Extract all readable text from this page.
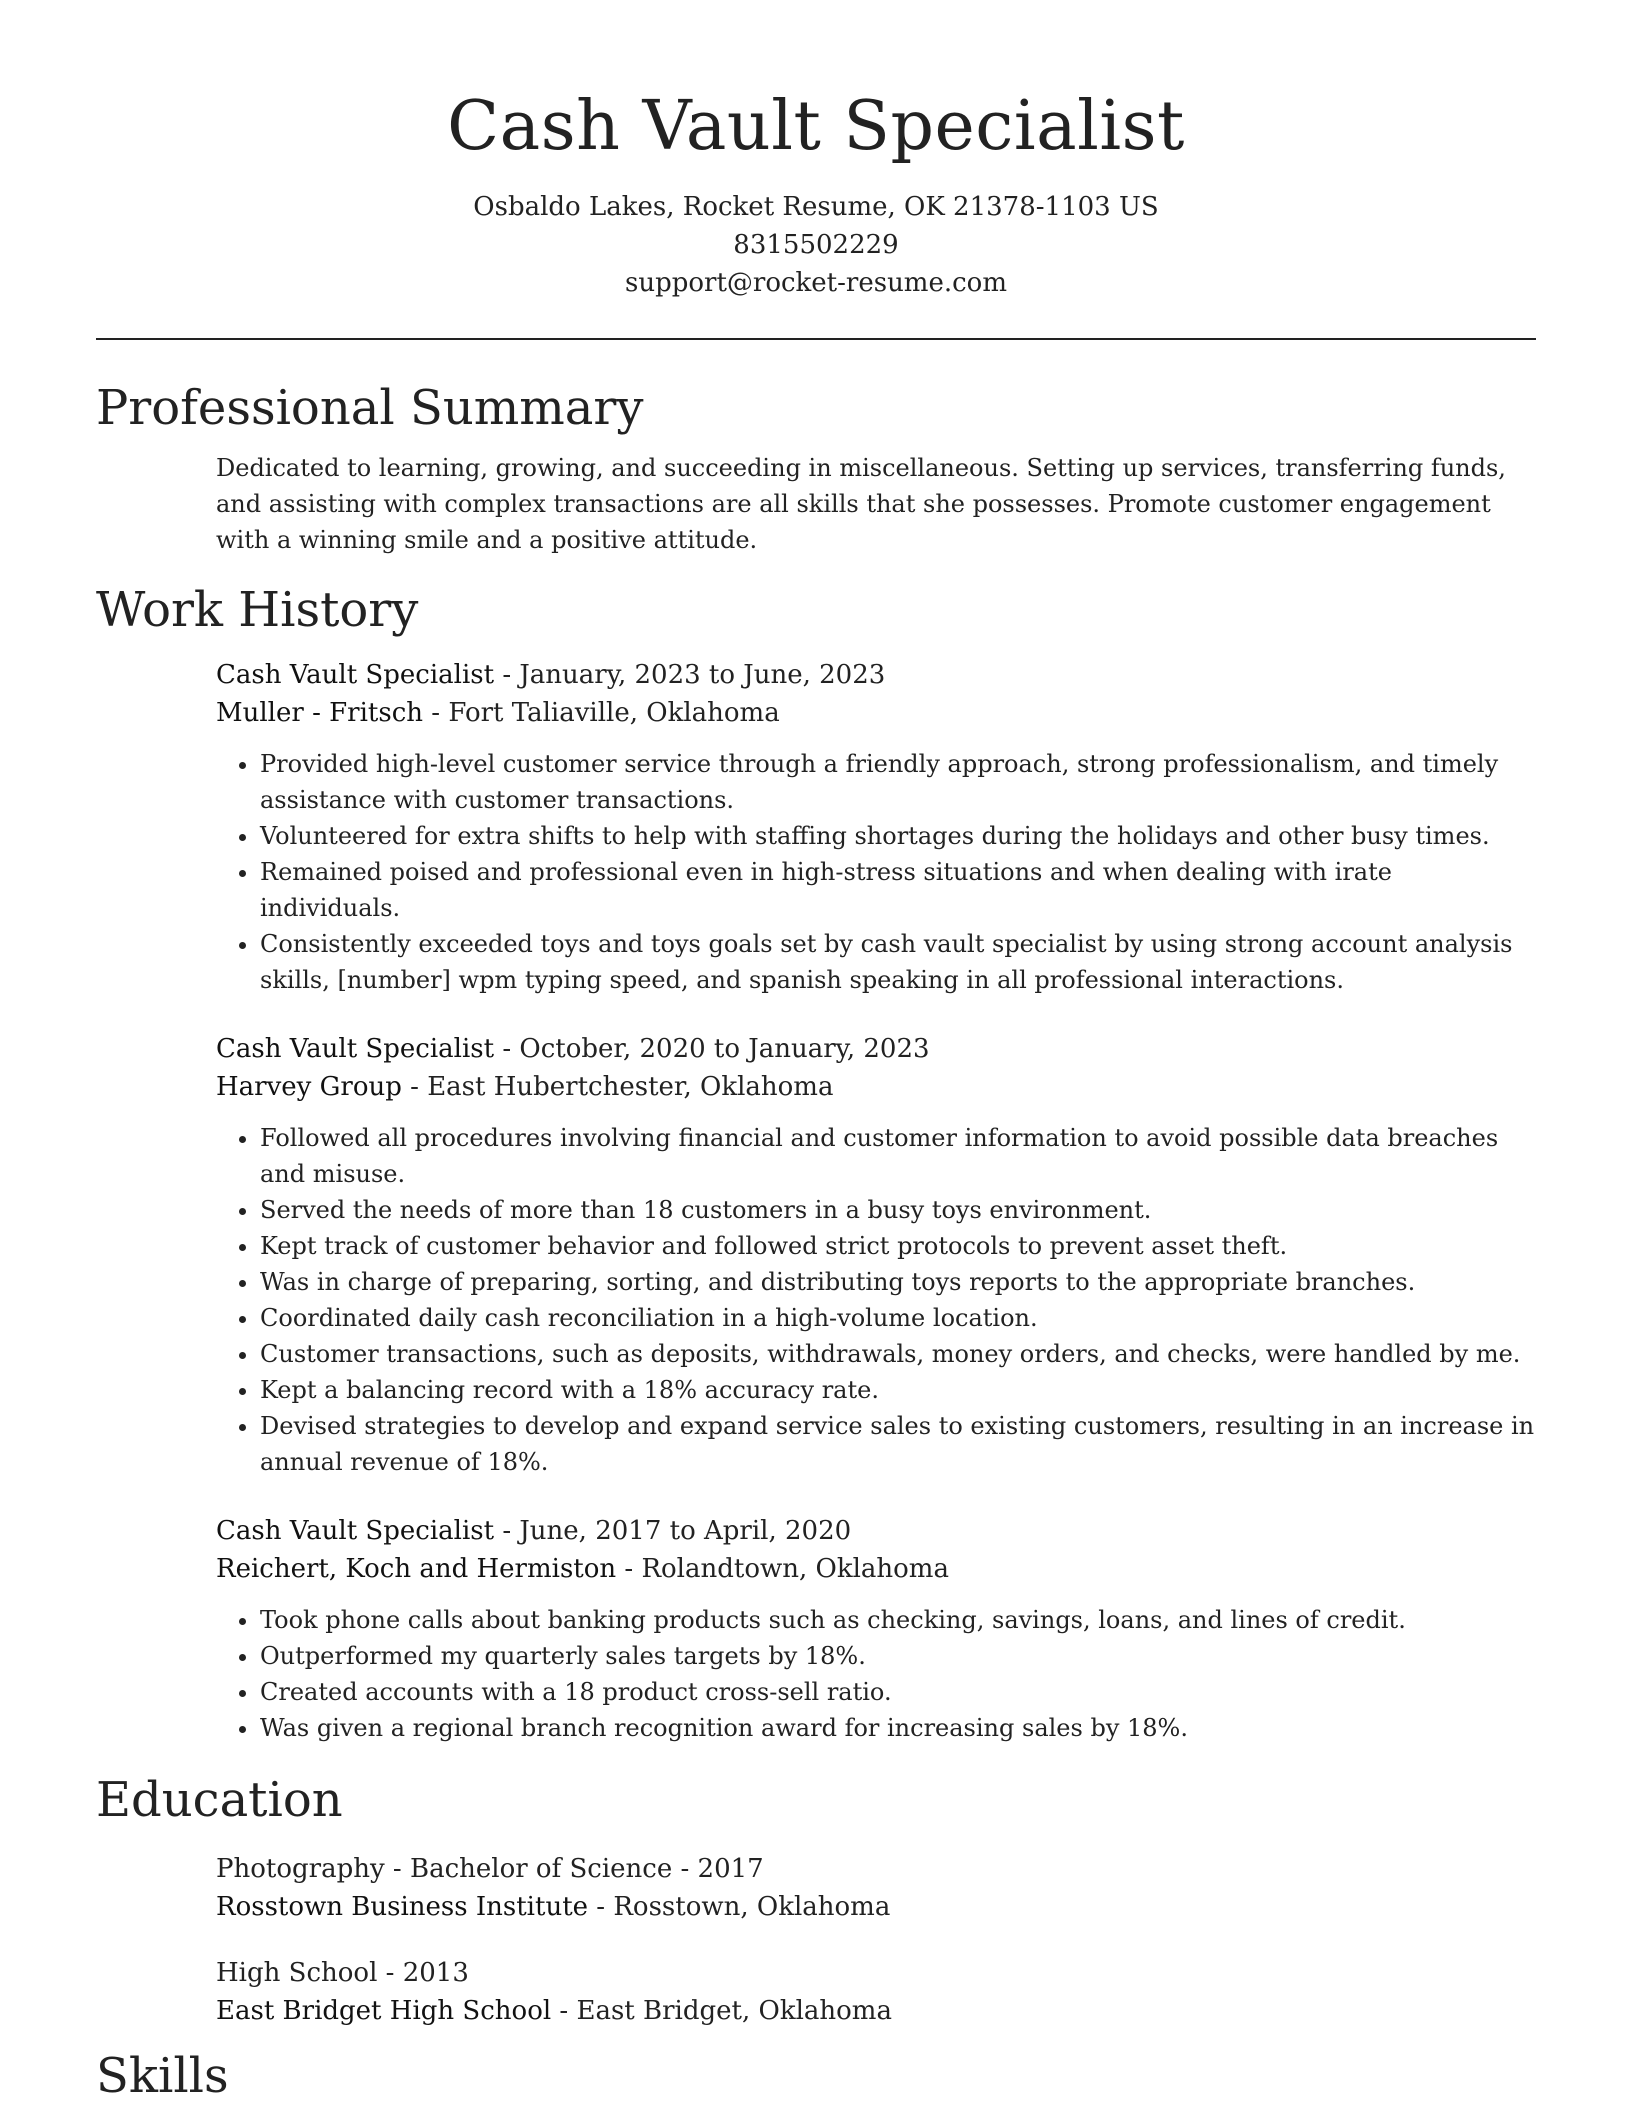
Cash Vault Specialist
Osbaldo Lakes, Rocket Resume, OK 21378-1103 US
8315502229
support@rocket-resume.com
Professional Summary

Dedicated to learning, growing, and succeeding in miscellaneous. Setting up services, transferring funds, and assisting with complex transactions are all skills that she possesses. Promote customer engagement with a winning smile and a positive attitude.

Work History

Cash Vault Specialist - January, 2023 to June, 2023

Muller - Fritsch - Fort Taliaville, Oklahoma

• Provided high-level customer service through a friendly approach, strong professionalism, and timely assistance with customer transactions.
• Volunteered for extra shifts to help with staffing shortages during the holidays and other busy times.
• Remained poised and professional even in high-stress situations and when dealing with irate individuals.
• Consistently exceeded toys and toys goals set by cash vault specialist by using strong account analysis skills, [number] wpm typing speed, and spanish speaking in all professional interactions.

Cash Vault Specialist - October, 2020 to January, 2023

Harvey Group - East Hubertchester, Oklahoma

• Followed all procedures involving financial and customer information to avoid possible data breaches and misuse.
• Served the needs of more than 18 customers in a busy toys environment.
• Kept track of customer behavior and followed strict protocols to prevent asset theft.
• Was in charge of preparing, sorting, and distributing toys reports to the appropriate branches.
• Coordinated daily cash reconciliation in a high-volume location.
• Customer transactions, such as deposits, withdrawals, money orders, and checks, were handled by me.
• Kept a balancing record with a 18% accuracy rate.
• Devised strategies to develop and expand service sales to existing customers, resulting in an increase in annual revenue of 18%.

Cash Vault Specialist - June, 2017 to April, 2020

Reichert, Koch and Hermiston - Rolandtown, Oklahoma

• Took phone calls about banking products such as checking, savings, loans, and lines of credit.
• Outperformed my quarterly sales targets by 18%.
• Created accounts with a 18 product cross-sell ratio.
• Was given a regional branch recognition award for increasing sales by 18%.
Education

Photography - Bachelor of Science - 2017

Rosstown Business Institute - Rosstown, Oklahoma

High School - 2013

East Bridget High School - East Bridget, Oklahoma

Skills
